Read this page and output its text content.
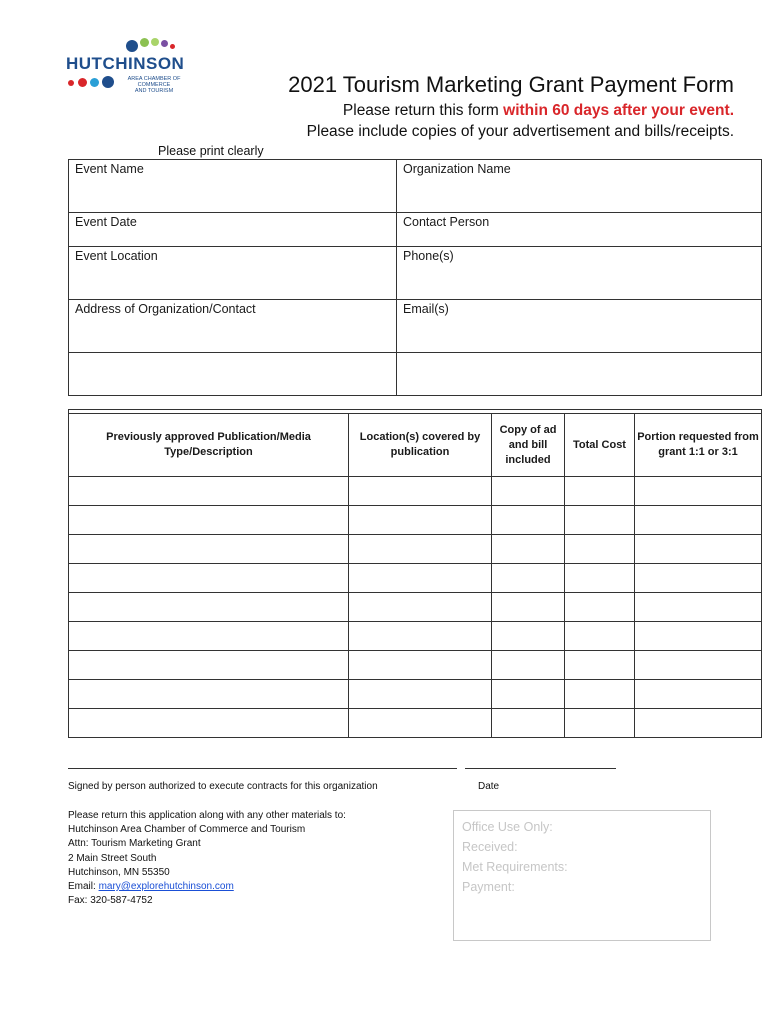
HUTCHINSON
AREA CHAMBER OF COMMERCE
AND TOURISM	2021 Tourism Marketing Grant Payment Form
Please return this form within 60 days after your event.
Please include copies of your advertisement and bills/receipts.
Please print clearly
Event Name	Organization Name
Event Date	Contact Person
Event Location	Phone(s)
Address of Organization/Contact	Email(s)

Previously approved Publication/Media Type/Description	Location(s) covered by publication	Copy of ad and bill included	Total Cost	Portion requested from grant 1:1 or 3:1

Signed by person authorized to execute contracts for this organization	Date
Please return this application along with any other materials to:
Hutchinson Area Chamber of Commerce and Tourism
Attn: Tourism Marketing Grant
2 Main Street South
Hutchinson, MN 55350
Email: mary@explorehutchinson.com
Fax: 320-587-4752
Office Use Only:
Received:
Met Requirements:
Payment:
